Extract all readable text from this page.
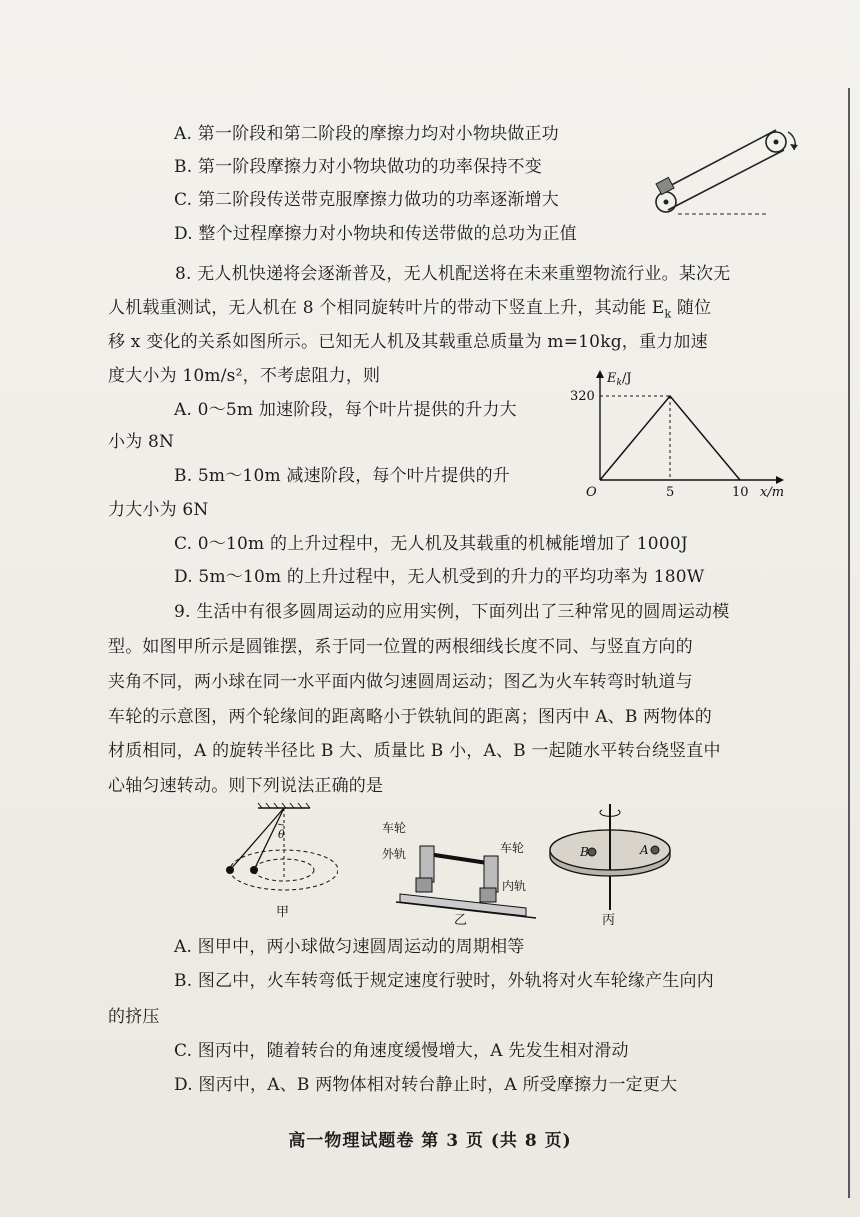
A. 第一阶段和第二阶段的摩擦力均对小物块做正功
B. 第一阶段摩擦力对小物块做功的功率保持不变
C. 第二阶段传送带克服摩擦力做功的功率逐渐增大
D. 整个过程摩擦力对小物块和传送带做的总功为正值
8. 无人机快递将会逐渐普及，无人机配送将在未来重塑物流行业。某次无
人机载重测试，无人机在 8 个相同旋转叶片的带动下竖直上升，其动能 $E_k$ 随位
移 x 变化的关系如图所示。已知无人机及其载重总质量为 m=10kg，重力加速
度大小为 10m/s²，不考虑阻力，则
A. 0～5m 加速阶段，每个叶片提供的升力大
小为 8N
B. 5m～10m 减速阶段，每个叶片提供的升
力大小为 6N
C. 0～10m 的上升过程中，无人机及其载重的机械能增加了 1000J
D. 5m～10m 的上升过程中，无人机受到的升力的平均功率为 180W
$E_k/J$
320
O	5	10 x/m
9. 生活中有很多圆周运动的应用实例，下面列出了三种常见的圆周运动模
型。如图甲所示是圆锥摆，系于同一位置的两根细线长度不同、与竖直方向的
夹角不同，两小球在同一水平面内做匀速圆周运动；图乙为火车转弯时轨道与
车轮的示意图，两个轮缘间的距离略小于铁轨间的距离；图丙中 A、B 两物体的
材质相同，A 的旋转半径比 B 大、质量比 B 小，A、B 一起随水平转台绕竖直中
心轴匀速转动。则下列说法正确的是
θ
甲
车轮
外轨	车轮
内轨
乙
B	A
丙
A. 图甲中，两小球做匀速圆周运动的周期相等
B. 图乙中，火车转弯低于规定速度行驶时，外轨将对火车轮缘产生向内
的挤压
C. 图丙中，随着转台的角速度缓慢增大，A 先发生相对滑动
D. 图丙中，A、B 两物体相对转台静止时，A 所受摩擦力一定更大
高一物理试题卷 第 3 页 (共 8 页)
